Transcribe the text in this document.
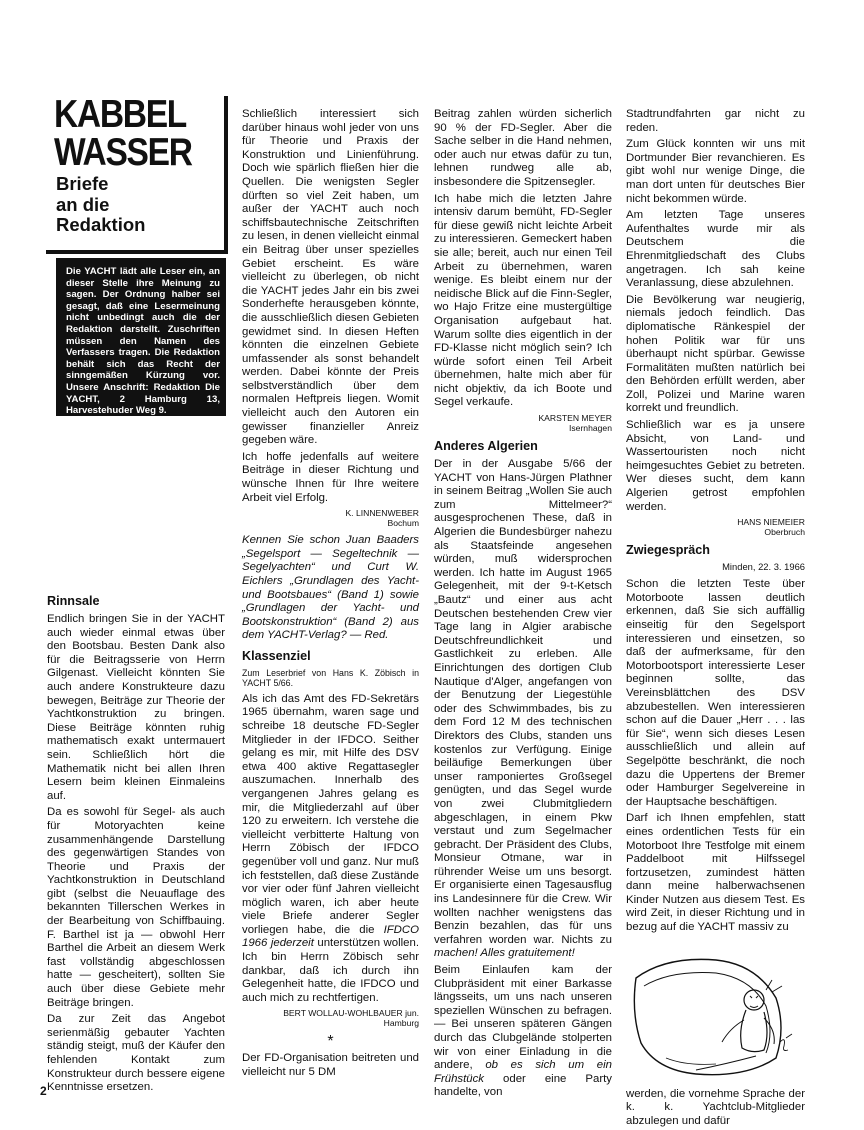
KABBEL
WASSER
Briefe
an die
Redaktion
Die YACHT lädt alle Leser ein, an dieser Stelle ihre Meinung zu sagen. Der Ordnung halber sei gesagt, daß eine Lesermeinung nicht unbedingt auch die der Redaktion darstellt. Zuschriften müssen den Namen des Verfassers tragen. Die Redaktion behält sich das Recht der sinngemäßen Kürzung vor. Unsere Anschrift: Redaktion Die YACHT, 2 Hamburg 13, Harvestehuder Weg 9.
Rinnsale

Endlich bringen Sie in der YACHT auch wieder einmal etwas über den Bootsbau. Besten Dank also für die Beitragsserie von Herrn Gilgenast. Vielleicht könnten Sie auch andere Konstrukteure dazu bewegen, Beiträge zur Theorie der Yachtkonstruktion zu bringen. Diese Beiträge könnten ruhig mathematisch exakt untermauert sein. Schließlich hört die Mathematik nicht bei allen Ihren Lesern beim kleinen Einmaleins auf.

Da es sowohl für Segel- als auch für Motoryachten keine zusammenhängende Darstellung des gegenwärtigen Standes von Theorie und Praxis der Yachtkonstruktion in Deutschland gibt (selbst die Neuauflage des bekannten Tillerschen Werkes in der Bearbeitung von Schiffbauing. F. Barthel ist ja — obwohl Herr Barthel die Arbeit an diesem Werk fast vollständig abgeschlossen hatte — gescheitert), sollten Sie auch über diese Gebiete mehr Beiträge bringen.

Da zur Zeit das Angebot serienmäßig gebauter Yachten ständig steigt, muß der Käufer den fehlenden Kontakt zum Konstrukteur durch bessere eigene Kenntnisse ersetzen.

Schließlich interessiert sich darüber hinaus wohl jeder von uns für Theorie und Praxis der Konstruktion und Linienführung. Doch wie spärlich fließen hier die Quellen. Die wenigsten Segler dürften so viel Zeit haben, um außer der YACHT auch noch schiffsbautechnische Zeitschriften zu lesen, in denen vielleicht einmal ein Beitrag über unser spezielles Gebiet erscheint. Es wäre vielleicht zu überlegen, ob nicht die YACHT jedes Jahr ein bis zwei Sonderhefte herausgeben könnte, die ausschließlich diesen Gebieten gewidmet sind. In diesen Heften könnten die einzelnen Gebiete umfassender als sonst behandelt werden. Dabei könnte der Preis selbstverständlich über dem normalen Heftpreis liegen. Womit vielleicht auch den Autoren ein gewisser finanzieller Anreiz gegeben wäre.

Ich hoffe jedenfalls auf weitere Beiträge in dieser Richtung und wünsche Ihnen für Ihre weitere Arbeit viel Erfolg.

K. LINNENWEBER
Bochum

Kennen Sie schon Juan Baaders „Segelsport — Segeltechnik — Segelyachten“ und Curt W. Eichlers „Grundlagen des Yacht- und Bootsbaues“ (Band 1) sowie „Grundlagen der Yacht- und Bootskonstruktion“ (Band 2) aus dem YACHT-Verlag? — Red.

Klassenziel
Zum Leserbrief von Hans K. Zöbisch in YACHT 5/66.

Als ich das Amt des FD-Sekretärs 1965 übernahm, waren sage und schreibe 18 deutsche FD-Segler Mitglieder in der IFDCO. Seither gelang es mir, mit Hilfe des DSV etwa 400 aktive Regattasegler auszumachen. Innerhalb des vergangenen Jahres gelang es mir, die Mitgliederzahl auf über 120 zu erweitern. Ich verstehe die vielleicht verbitterte Haltung von Herrn Zöbisch der IFDCO gegenüber voll und ganz. Nur muß ich feststellen, daß diese Zustände vor vier oder fünf Jahren vielleicht möglich waren, ich aber heute viele Briefe anderer Segler vorliegen habe, die die IFDCO 1966 jederzeit unterstützen wollen. Ich bin Herrn Zöbisch sehr dankbar, daß ich durch ihn Gelegenheit hatte, die IFDCO und auch mich zu rechtfertigen.

BERT WOLLAU-WOHLBAUER jun.
Hamburg
*

Der FD-Organisation beitreten und vielleicht nur 5 DM

Beitrag zahlen würden sicherlich 90 % der FD-Segler. Aber die Sache selber in die Hand nehmen, oder auch nur etwas dafür zu tun, lehnen rundweg alle ab, insbesondere die Spitzensegler.

Ich habe mich die letzten Jahre intensiv darum bemüht, FD-Segler für diese gewiß nicht leichte Arbeit zu interessieren. Gemeckert haben sie alle; bereit, auch nur einen Teil Arbeit zu übernehmen, waren wenige. Es bleibt einem nur der neidische Blick auf die Finn-Segler, wo Hajo Fritze eine mustergültige Organisation aufgebaut hat. Warum sollte dies eigentlich in der FD-Klasse nicht möglich sein? Ich würde sofort einen Teil Arbeit übernehmen, halte mich aber für nicht objektiv, da ich Boote und Segel verkaufe.

KARSTEN MEYER
Isernhagen
Anderes Algerien

Der in der Ausgabe 5/66 der YACHT von Hans-Jürgen Plathner in seinem Beitrag „Wollen Sie auch zum Mittelmeer?“ ausgesprochenen These, daß in Algerien die Bundesbürger nahezu als Staatsfeinde angesehen würden, muß widersprochen werden. Ich hatte im August 1965 Gelegenheit, mit der 9-t-Ketsch „Bautz“ und einer aus acht Deutschen bestehenden Crew vier Tage lang in Algier arabische Deutschfreundlichkeit und Gastlichkeit zu erleben. Alle Einrichtungen des dortigen Club Nautique d'Alger, angefangen von der Benutzung der Liegestühle oder des Schwimmbades, bis zu dem Ford 12 M des technischen Direktors des Clubs, standen uns kostenlos zur Verfügung. Einige beiläufige Bemerkungen über unser ramponiertes Großsegel genügten, und das Segel wurde von zwei Clubmitgliedern abgeschlagen, in einem Pkw verstaut und zum Segelmacher gebracht. Der Präsident des Clubs, Monsieur Otmane, war in rührender Weise um uns besorgt. Er organisierte einen Tagesausflug ins Landesinnere für die Crew. Wir wollten nachher wenigstens das Benzin bezahlen, das für uns verfahren worden war. Nichts zu machen! Alles gratuitement!

Beim Einlaufen kam der Clubpräsident mit einer Barkasse längsseits, um uns nach unseren speziellen Wünschen zu befragen. — Bei unseren späteren Gängen durch das Clubgelände stolperten wir von einer Einladung in die andere, ob es sich um ein Frühstück oder eine Party handelte, von

Stadtrundfahrten gar nicht zu reden.

Zum Glück konnten wir uns mit Dortmunder Bier revanchieren. Es gibt wohl nur wenige Dinge, die man dort unten für deutsches Bier nicht bekommen würde.

Am letzten Tage unseres Aufenthaltes wurde mir als Deutschem die Ehrenmitgliedschaft des Clubs angetragen. Ich sah keine Veranlassung, diese abzulehnen.

Die Bevölkerung war neugierig, niemals jedoch feindlich. Das diplomatische Ränkespiel der hohen Politik war für uns überhaupt nicht spürbar. Gewisse Formalitäten mußten natürlich bei den Behörden erfüllt werden, aber Zoll, Polizei und Marine waren korrekt und freundlich.

Schließlich war es ja unsere Absicht, von Land- und Wassertouristen noch nicht heimgesuchtes Gebiet zu betreten. Wer dieses sucht, dem kann Algerien getrost empfohlen werden.

HANS NIEMEIER
Oberbruch
Zwiegespräch
Minden, 22. 3. 1966

Schon die letzten Teste über Motorboote lassen deutlich erkennen, daß Sie sich auffällig einseitig für den Segelsport interessieren und einsetzen, so daß der aufmerksame, für den Motorbootsport interessierte Leser beginnen sollte, das Vereinsblättchen des DSV abzubestellen. Wen interessieren schon auf die Dauer „Herr . . . las für Sie“, wenn sich dieses Lesen ausschließlich und allein auf Segelpötte beschränkt, die noch dazu die Uppertens der Bremer oder Hamburger Segelvereine in der Hauptsache beschäftigen.

Darf ich Ihnen empfehlen, statt eines ordentlichen Tests für ein Motorboot Ihre Testfolge mit einem Paddelboot mit Hilfssegel fortzusetzen, zumindest hätten dann meine halberwachsenen Kinder Nutzen aus diesem Test. Es wird Zeit, in dieser Richtung und in bezug auf die YACHT massiv zu

werden, die vornehme Sprache der k. k. Yachtclub-Mitglieder abzulegen und dafür

2
